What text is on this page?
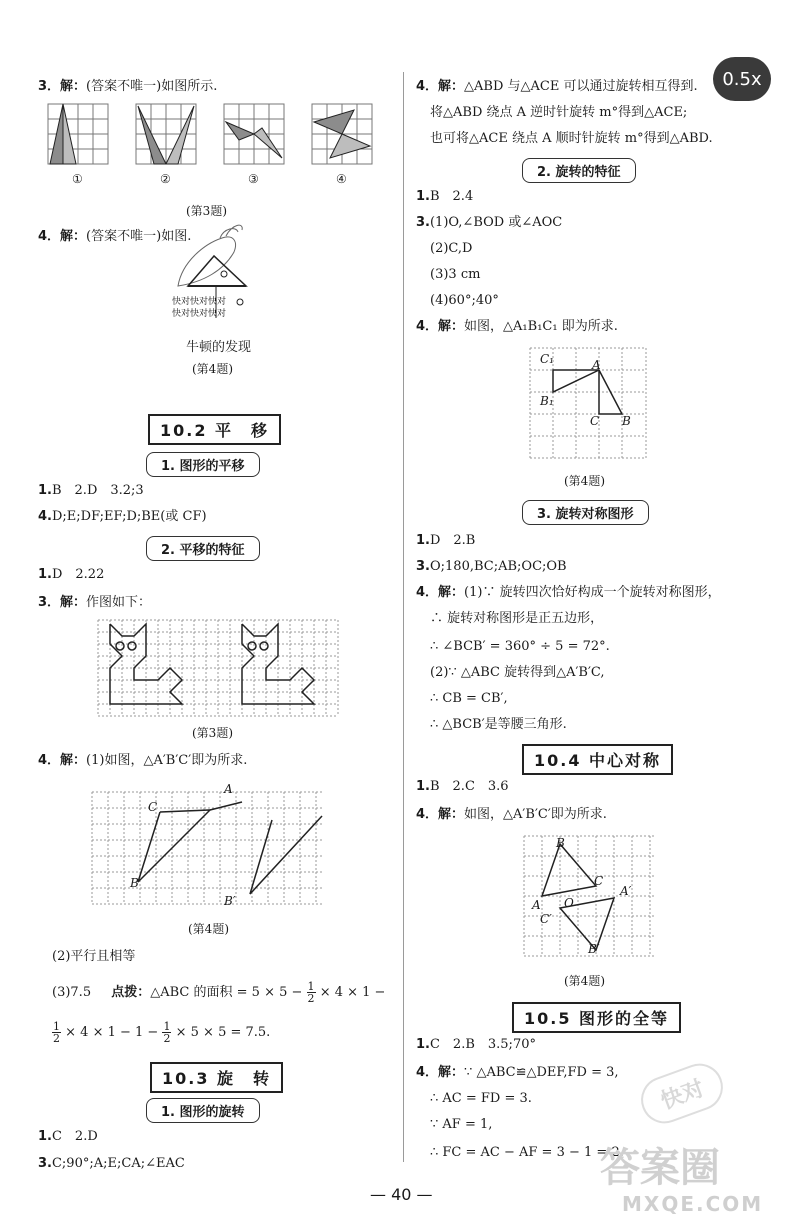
0.5x
3．解：(答案不唯一)如图所示.
①	②	③	④
(第3题)
4．解：(答案不唯一)如图.
快对快对快对
快对快对快对
牛顿的发现
(第4题)
10.2 平　移
1. 图形的平移
1.B　2.D　3.2;3
4.D;E;DF;EF;D;BE(或 CF)
2. 平移的特征
1.D　2.22
3．解：作图如下：
(第3题)
4．解：(1)如图，△A′B′C′即为所求.
C
A
B
B′
(第4题)
(2)平行且相等
(3)7.5 点拨：△ABC 的面积 = $5 \times 5 - \frac{1}{2} \times 4 \times 1$ −
$\frac{1}{2} \times 4 \times 1 - 1 - \frac{1}{2} \times 5 \times 5 = 7.5$.
10.3 旋　转
1. 图形的旋转
1.C　2.D
3.C;90°;A;E;CA;∠EAC
4．解：△ABD 与△ACE 可以通过旋转相互得到.
将△ABD 绕点 A 逆时针旋转 m°得到△ACE;
也可将△ACE 绕点 A 顺时针旋转 m°得到△ABD.
2. 旋转的特征
1.B　2.4
3.(1)O,∠BOD 或∠AOC
(2)C,D
(3)3 cm
(4)60°;40°
4．解：如图，△A₁B₁C₁ 即为所求.
C₁	A
B₁
C B
(第4题)
3. 旋转对称图形
1.D　2.B
3.O;180,BC;AB;OC;OB
4．解：(1)∵ 旋转四次恰好构成一个旋转对称图形，
∴ 旋转对称图形是正五边形，
∴ ∠BCB′ = 360° ÷ 5 = 72°.
(2)∵ △ABC 旋转得到△A′B′C,
∴ CB = CB′,
∴ △BCB′是等腰三角形.
10.4 中心对称
1.B　2.C　3.6
4．解：如图，△A′B′C′即为所求.
B
C
A′
A O
C′
B′
(第4题)
10.5 图形的全等
1.C　2.B　3.5;70°
4．解：∵ △ABC≌△DEF,FD = 3,
∴ AC = FD = 3.
∵ AF = 1,
∴ FC = AC − AF = 3 − 1 = 2.
快对
答案圈
MXQE.COM
— 40 —
